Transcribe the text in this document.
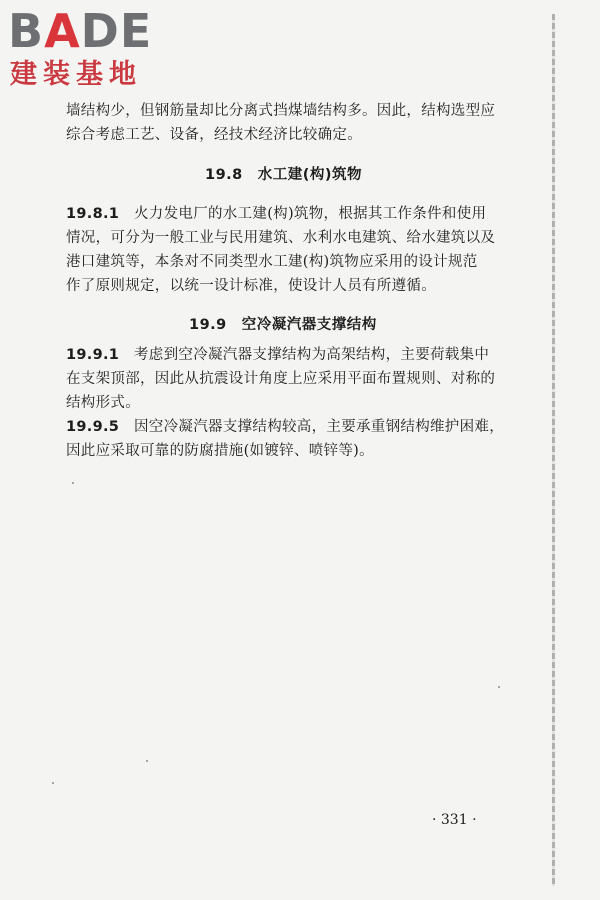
BADE
建装基地
墙结构少，但钢筋量却比分离式挡煤墙结构多。因此，结构选型应
综合考虑工艺、设备，经技术经济比较确定。
19.8　水工建(构)筑物
19.8.1　 火力发电厂的水工建(构)筑物，根据其工作条件和使用
情况，可分为一般工业与民用建筑、水利水电建筑、给水建筑以及
港口建筑等，本条对不同类型水工建(构)筑物应采用的设计规范
作了原则规定，以统一设计标准，使设计人员有所遵循。
19.9　空冷凝汽器支撑结构
19.9.1　 考虑到空冷凝汽器支撑结构为高架结构，主要荷载集中
在支架顶部，因此从抗震设计角度上应采用平面布置规则、对称的
结构形式。
19.9.5　 因空冷凝汽器支撑结构较高，主要承重钢结构维护困难，
因此应采取可靠的防腐措施(如镀锌、喷锌等)。
· 331 ·
